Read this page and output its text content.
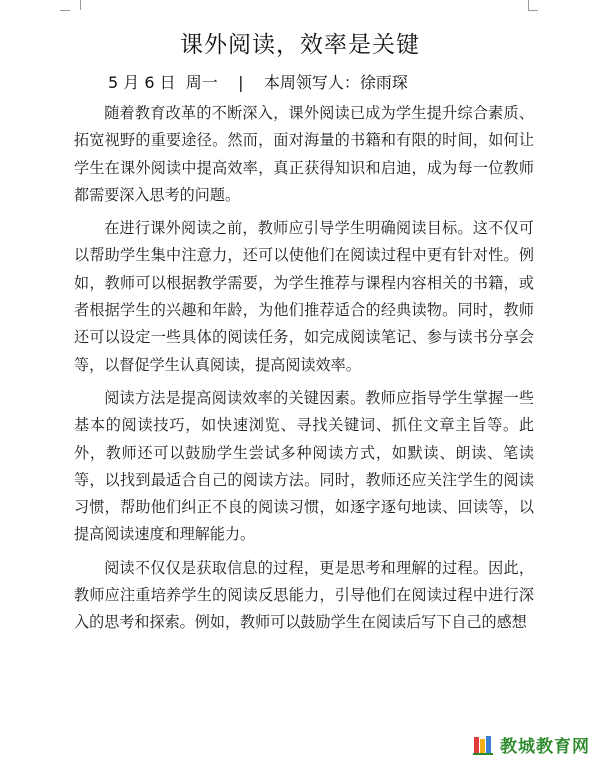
课外阅读，效率是关键
5 月 6 日  周一    |    本周领写人：徐雨琛

随着教育改革的不断深入，课外阅读已成为学生提升综合素质、拓宽视野的重要途径。然而，面对海量的书籍和有限的时间，如何让学生在课外阅读中提高效率，真正获得知识和启迪，成为每一位教师都需要深入思考的问题。

在进行课外阅读之前，教师应引导学生明确阅读目标。这不仅可以帮助学生集中注意力，还可以使他们在阅读过程中更有针对性。例如，教师可以根据教学需要，为学生推荐与课程内容相关的书籍，或者根据学生的兴趣和年龄，为他们推荐适合的经典读物。同时，教师还可以设定一些具体的阅读任务，如完成阅读笔记、参与读书分享会等，以督促学生认真阅读，提高阅读效率。

阅读方法是提高阅读效率的关键因素。教师应指导学生掌握一些基本的阅读技巧，如快速浏览、寻找关键词、抓住文章主旨等。此外，教师还可以鼓励学生尝试多种阅读方式，如默读、朗读、笔读等，以找到最适合自己的阅读方法。同时，教师还应关注学生的阅读习惯，帮助他们纠正不良的阅读习惯，如逐字逐句地读、回读等，以提高阅读速度和理解能力。

阅读不仅仅是获取信息的过程，更是思考和理解的过程。因此，教师应注重培养学生的阅读反思能力，引导他们在阅读过程中进行深入的思考和探索。例如，教师可以鼓励学生在阅读后写下自己的感想

教城教育网
